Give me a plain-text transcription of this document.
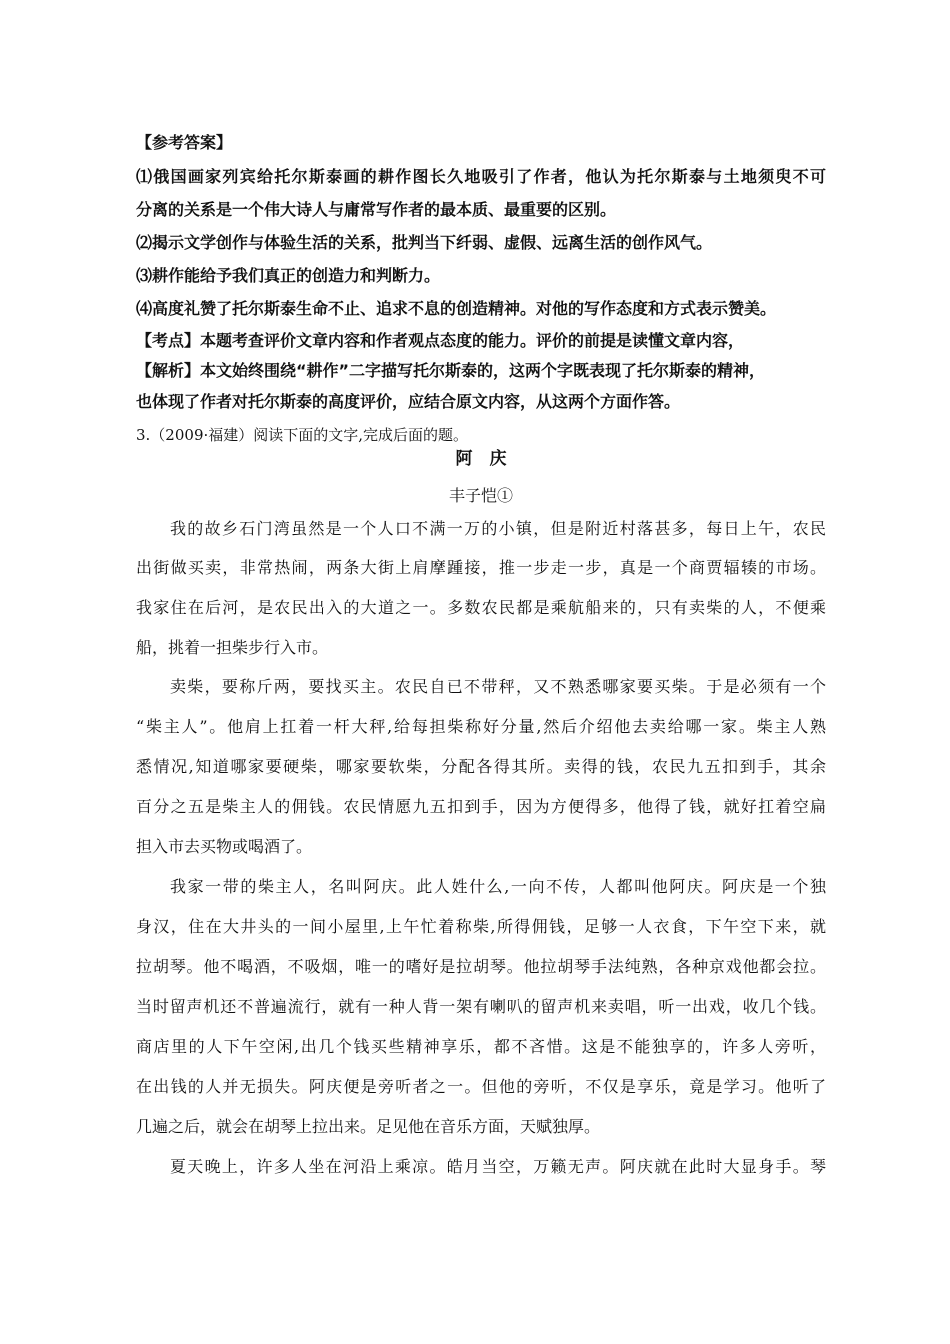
【参考答案】
⑴俄国画家列宾给托尔斯泰画的耕作图长久地吸引了作者，他认为托尔斯泰与土地须臾不可
分离的关系是一个伟大诗人与庸常写作者的最本质、最重要的区别。
⑵揭示文学创作与体验生活的关系，批判当下纤弱、虚假、远离生活的创作风气。
⑶耕作能给予我们真正的创造力和判断力。
⑷高度礼赞了托尔斯泰生命不止、追求不息的创造精神。对他的写作态度和方式表示赞美。
【考点】本题考查评价文章内容和作者观点态度的能力。评价的前提是读懂文章内容，
【解析】本文始终围绕“耕作”二字描写托尔斯泰的，这两个字既表现了托尔斯泰的精神，
也体现了作者对托尔斯泰的高度评价，应结合原文内容，从这两个方面作答。
3.（2009·福建）阅读下面的文字,完成后面的题。
阿　庆
丰子恺①
我的故乡石门湾虽然是一个人口不满一万的小镇，但是附近村落甚多，每日上午，农民
出街做买卖，非常热闹，两条大街上肩摩踵接，推一步走一步，真是一个商贾辐辏的市场。
我家住在后河，是农民出入的大道之一。多数农民都是乘航船来的，只有卖柴的人，不便乘
船，挑着一担柴步行入市。
卖柴，要称斤两，要找买主。农民自已不带秤，又不熟悉哪家要买柴。于是必须有一个
“柴主人”。他肩上扛着一杆大秤,给每担柴称好分量,然后介绍他去卖给哪一家。柴主人熟
悉情况,知道哪家要硬柴，哪家要软柴，分配各得其所。卖得的钱，农民九五扣到手，其余
百分之五是柴主人的佣钱。农民情愿九五扣到手，因为方便得多，他得了钱，就好扛着空扁
担入市去买物或喝酒了。
我家一带的柴主人，名叫阿庆。此人姓什么,一向不传，人都叫他阿庆。阿庆是一个独
身汉，住在大井头的一间小屋里,上午忙着称柴,所得佣钱，足够一人衣食，下午空下来，就
拉胡琴。他不喝酒，不吸烟，唯一的嗜好是拉胡琴。他拉胡琴手法纯熟，各种京戏他都会拉。
当时留声机还不普遍流行，就有一种人背一架有喇叭的留声机来卖唱，听一出戏，收几个钱。
商店里的人下午空闲,出几个钱买些精神享乐，都不吝惜。这是不能独享的，许多人旁听，
在出钱的人并无损失。阿庆便是旁听者之一。但他的旁听，不仅是享乐，竟是学习。他听了
几遍之后，就会在胡琴上拉出来。足见他在音乐方面，天赋独厚。
夏天晚上，许多人坐在河沿上乘凉。皓月当空，万籁无声。阿庆就在此时大显身手。琴
